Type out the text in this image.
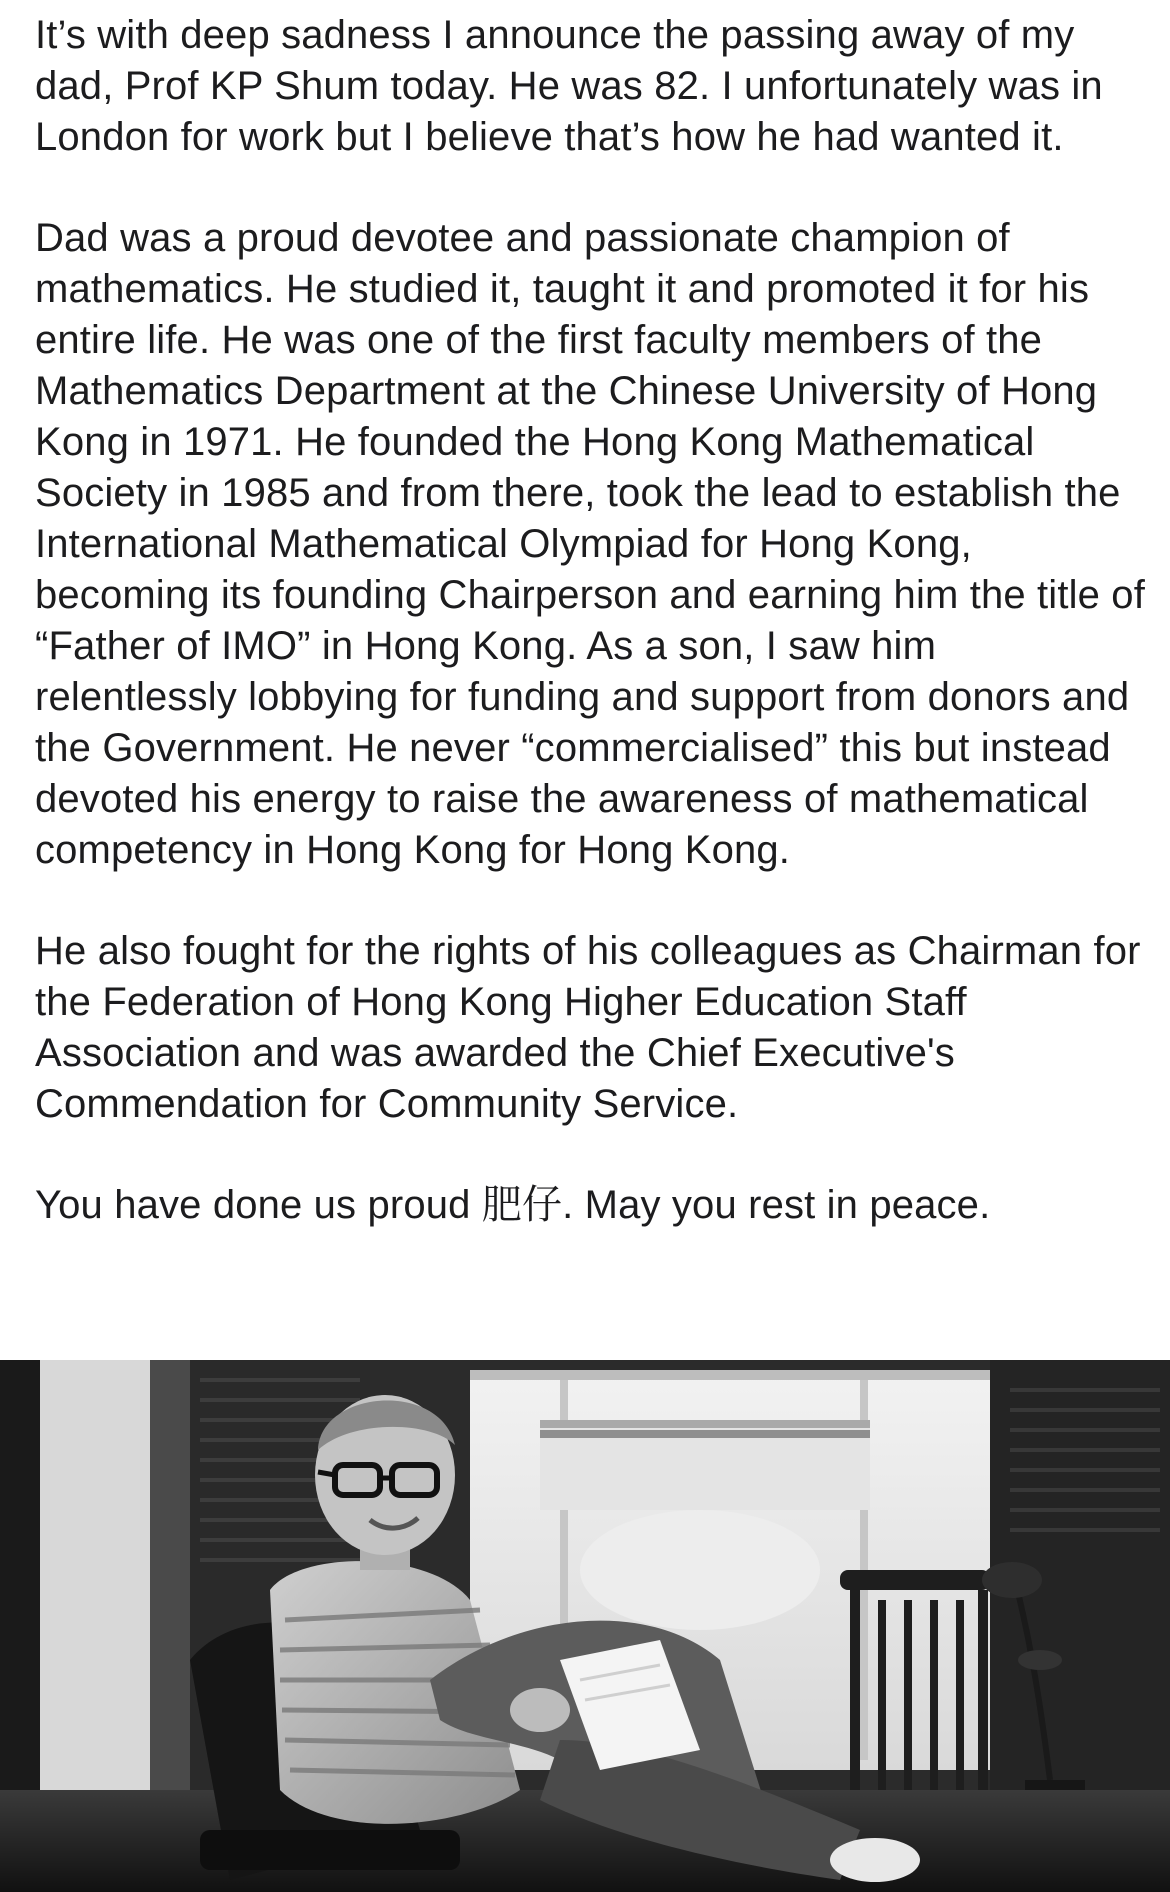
It’s with deep sadness I announce the passing away of my dad, Prof KP Shum today. He was 82. I unfortunately was in London for work but I believe that’s how he had wanted it.

Dad was a proud devotee and passionate champion of mathematics. He studied it, taught it and promoted it for his entire life. He was one of the first faculty members of the Mathematics Department at the Chinese University of Hong Kong in 1971. He founded the Hong Kong Mathematical Society in 1985 and from there, took the lead to establish the International Mathematical Olympiad for Hong Kong, becoming its founding Chairperson and earning him the title of “Father of IMO” in Hong Kong. As a son, I saw him relentlessly lobbying for funding and support from donors and the Government. He never “commercialised” this but instead devoted his energy to raise the awareness of mathematical competency in Hong Kong for Hong Kong.

He also fought for the rights of his colleagues as Chairman for the Federation of Hong Kong Higher Education Staff Association and was awarded the Chief Executive's Commendation for Community Service.

You have done us proud 肥仔. May you rest in peace.
